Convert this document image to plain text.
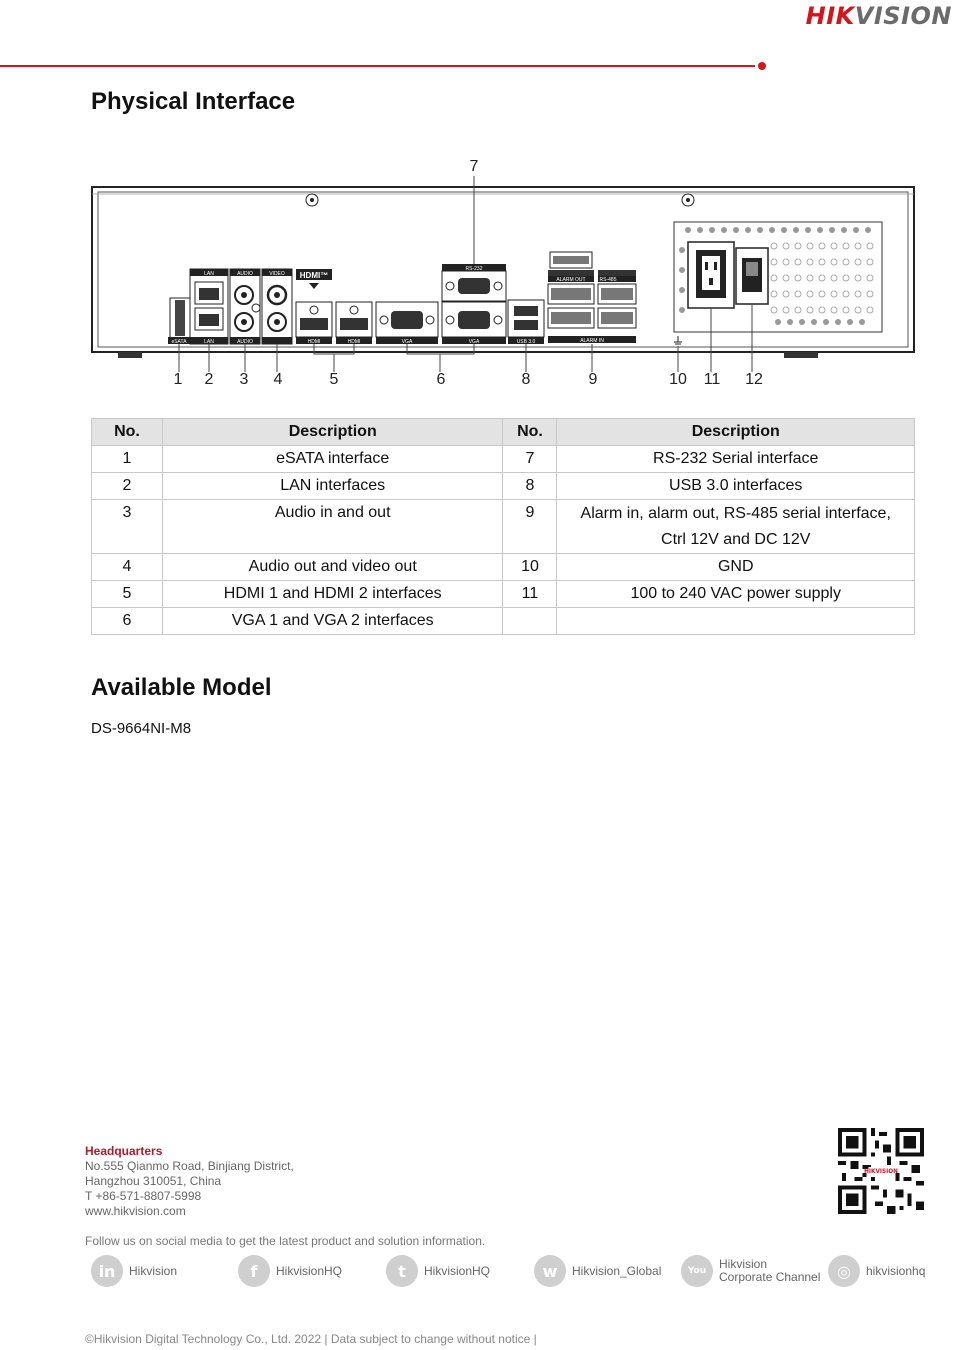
HIKVISION
Physical Interface
eSATA
LAN
LAN
AUDIO
AUDIO
VIDEO HDMI™
HDMI	HDMI	VGA
RS-232
VGA	USB 3.0
ALARM OUT	RS-485
ALARM IN
7
1 2 3 4	5	6	8	9	10 11 12
No.	Description	No.	Description
1	eSATA interface	7	RS-232 Serial interface
2	LAN interfaces	8	USB 3.0 interfaces
3	Audio in and out	9	Alarm in, alarm out, RS-485 serial interface,
Ctrl 12V and DC 12V

4	Audio out and video out	10	GND
5	HDMI 1 and HDMI 2 interfaces	11	100 to 240 VAC power supply
6	VGA 1 and VGA 2 interfaces		
Available Model
DS-9664NI-M8
Headquarters
No.555 Qianmo Road, Binjiang District,
Hangzhou 310051, China
T +86-571-8807-5998
www.hikvision.com
HIKVISION
Follow us on social media to get the latest product and solution information.
in	Hikvision	f	HikvisionHQ	t	HikvisionHQ	w	Hikvision_Global	You	Hikvision
Corporate Channel	◎	hikvisionhq
©Hikvision Digital Technology Co., Ltd. 2022 | Data subject to change without notice |
